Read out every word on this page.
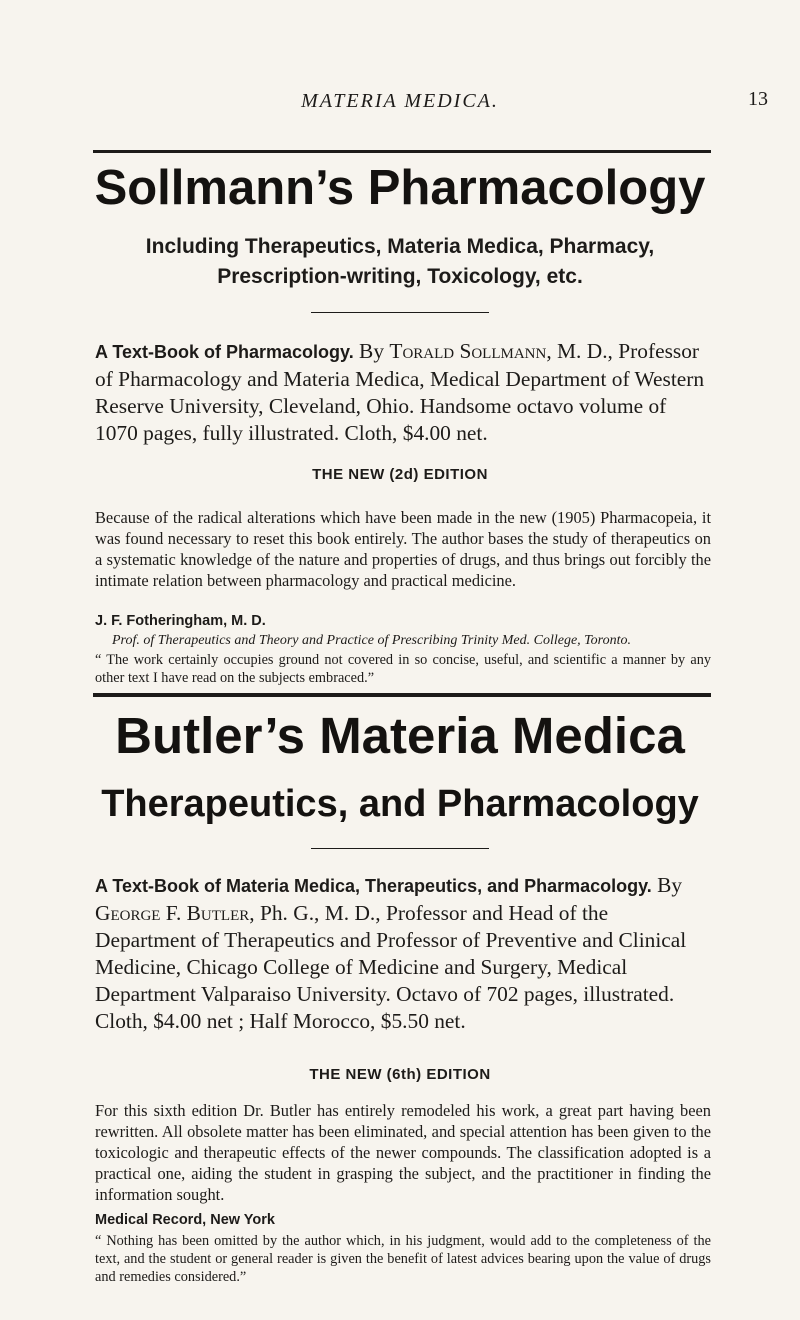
MATERIA MEDICA.	13
Sollmann’s Pharmacology
Including Therapeutics, Materia Medica, Pharmacy,
Prescription-writing, Toxicology, etc.
A Text-Book of Pharmacology. By Torald Sollmann, M. D., Professor of Pharmacology and Materia Medica, Medical Department of Western Reserve University, Cleveland, Ohio. Handsome octavo volume of 1070 pages, fully illustrated. Cloth, $4.00 net.
THE NEW (2d) EDITION
Because of the radical alterations which have been made in the new (1905) Pharmacopeia, it was found necessary to reset this book entirely. The author bases the study of therapeutics on a systematic knowledge of the nature and properties of drugs, and thus brings out forcibly the intimate relation between pharmacology and practical medicine.
J. F. Fotheringham, M. D.
Prof. of Therapeutics and Theory and Practice of Prescribing Trinity Med. College, Toronto.
“ The work certainly occupies ground not covered in so concise, useful, and scientific a manner by any other text I have read on the subjects embraced.”
Butler’s Materia Medica
Therapeutics, and Pharmacology
A Text-Book of Materia Medica, Therapeutics, and Pharmacology. By George F. Butler, Ph. G., M. D., Professor and Head of the Department of Therapeutics and Professor of Preventive and Clinical Medicine, Chicago College of Medicine and Surgery, Medical Department Valparaiso University. Octavo of 702 pages, illustrated. Cloth, $4.00 net ; Half Morocco, $5.50 net.
THE NEW (6th) EDITION
For this sixth edition Dr. Butler has entirely remodeled his work, a great part having been rewritten. All obsolete matter has been eliminated, and special attention has been given to the toxicologic and therapeutic effects of the newer compounds. The classification adopted is a practical one, aiding the student in grasping the subject, and the practitioner in finding the information sought.
Medical Record, New York
“ Nothing has been omitted by the author which, in his judgment, would add to the completeness of the text, and the student or general reader is given the benefit of latest advices bearing upon the value of drugs and remedies considered.”
